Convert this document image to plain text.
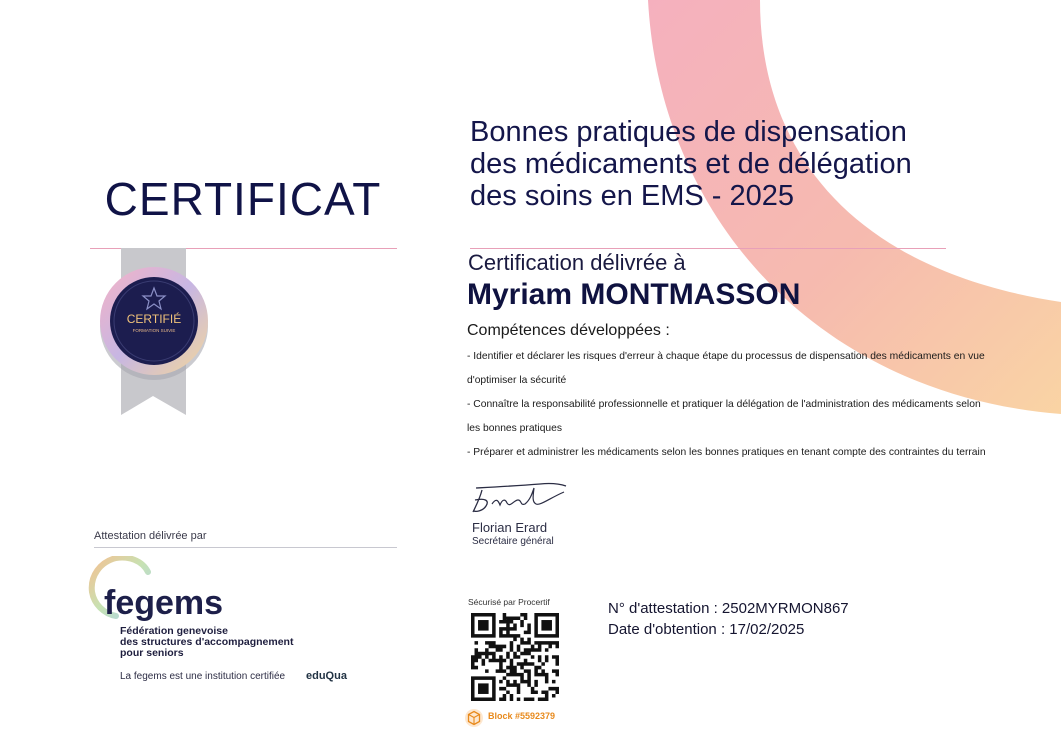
CERTIFICAT
CERTIFIÉ
FORMATION SUIVIE
Bonnes pratiques de dispensation des médicaments et de délégation des soins en EMS - 2025
Certification délivrée à
Myriam MONTMASSON
Compétences développées :

- Identifier et déclarer les risques d'erreur à chaque étape du processus de dispensation des médicaments en vue d'optimiser la sécurité

- Connaître la responsabilité professionnelle et pratiquer la délégation de l'administration des médicaments selon les bonnes pratiques

- Préparer et administrer les médicaments selon les bonnes pratiques en tenant compte des contraintes du terrain

Florian Erard
Secrétaire général
Attestation délivrée par
fegems
Fédération genevoise
des structures d'accompagnement
pour seniors
La fegems est une institution certifiée eduQua
Sécurisé par Procertif
Block #5592379
N° d'attestation : 2502MYRMON867
Date d'obtention : 17/02/2025
